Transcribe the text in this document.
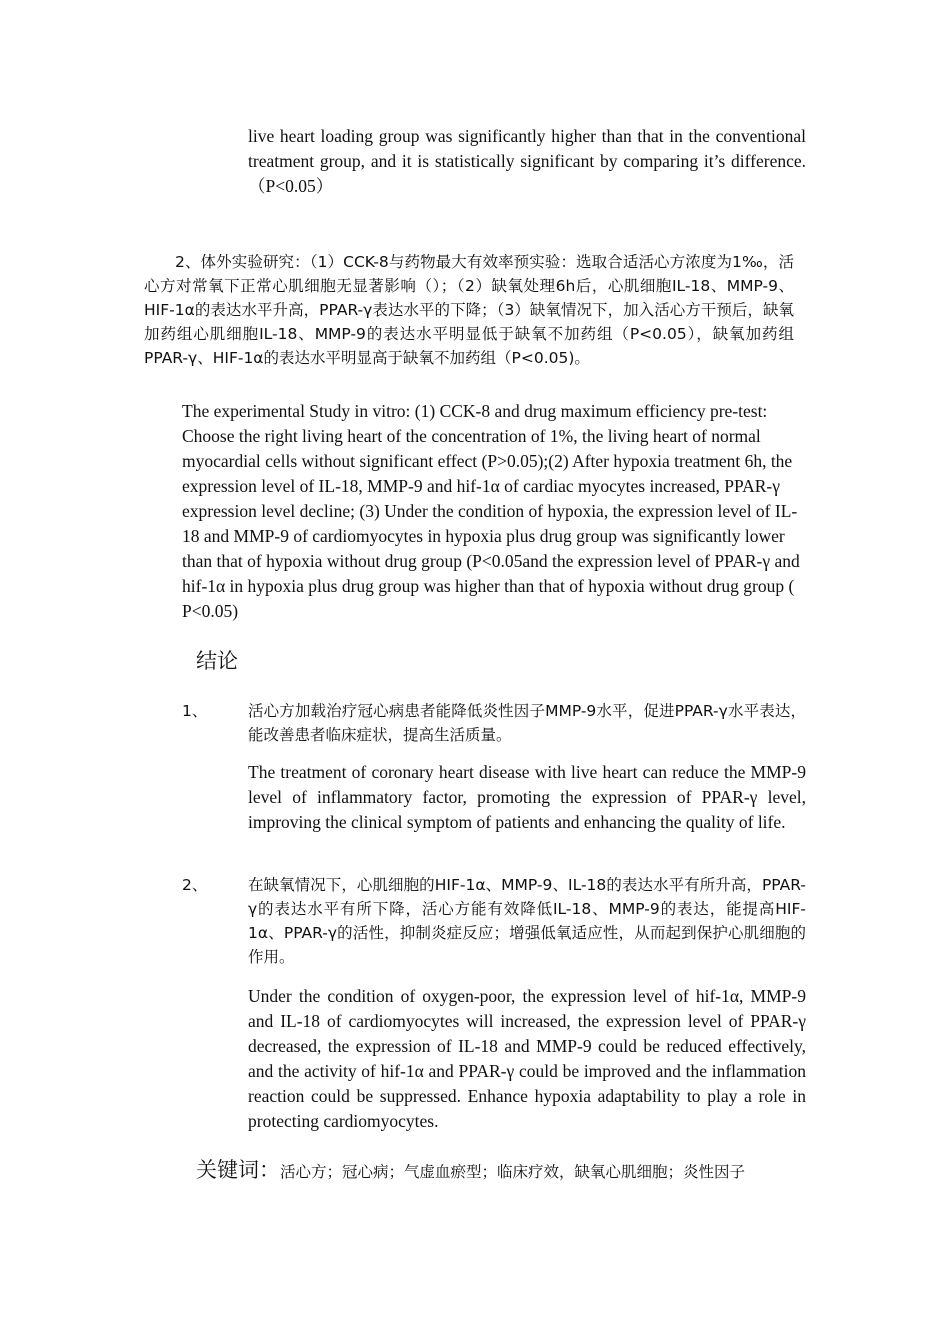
live heart loading group was significantly higher than that in the conventional treatment group, and it is statistically significant by comparing it’s difference. （P<0.05）

2、体外实验研究：（1）CCK-8与药物最大有效率预实验：选取合适活心方浓度为1‰，活心方对常氧下正常心肌细胞无显著影响（）；（2）缺氧处理6h后，心肌细胞IL-18、MMP-9、HIF-1α的表达水平升高，PPAR-γ表达水平的下降；（3）缺氧情况下，加入活心方干预后，缺氧加药组心肌细胞IL-18、MMP-9的表达水平明显低于缺氧不加药组（P<0.05），缺氧加药组PPAR-γ、HIF-1α的表达水平明显高于缺氧不加药组（P<0.05)。

The experimental Study in vitro: (1) CCK-8 and drug maximum efficiency pre-test: Choose the right living heart of the concentration of 1%, the living heart of normal myocardial cells without significant effect (P>0.05);(2) After hypoxia treatment 6h, the expression level of IL-18, MMP-9 and hif-1α of cardiac myocytes increased, PPAR-γ expression level decline; (3) Under the condition of hypoxia, the expression level of IL-18 and MMP-9 of cardiomyocytes in hypoxia plus drug group was significantly lower than that of hypoxia without drug group (P<0.05and the expression level of PPAR-γ and hif-1α in hypoxia plus drug group was higher than that of hypoxia without drug group ( P<0.05)

结论
1、	活心方加载治疗冠心病患者能降低炎性因子MMP-9水平，促进PPAR-γ水平表达，能改善患者临床症状，提高生活质量。

The treatment of coronary heart disease with live heart can reduce the MMP-9 level of inflammatory factor, promoting the expression of PPAR-γ level, improving the clinical symptom of patients and enhancing the quality of life.

2、	在缺氧情况下，心肌细胞的HIF-1α、MMP-9、IL-18的表达水平有所升高，PPAR-γ的表达水平有所下降，活心方能有效降低IL-18、MMP-9的表达，能提高HIF-1α、PPAR-γ的活性，抑制炎症反应；增强低氧适应性，从而起到保护心肌细胞的作用。

Under the condition of oxygen-poor, the expression level of hif-1α, MMP-9 and IL-18 of cardiomyocytes will increased, the expression level of PPAR-γ decreased, the expression of IL-18 and MMP-9 could be reduced effectively, and the activity of hif-1α and PPAR-γ could be improved and the inflammation reaction could be suppressed. Enhance hypoxia adaptability to play a role in protecting cardiomyocytes.

关键词：活心方；冠心病；气虚血瘀型；临床疗效，缺氧心肌细胞；炎性因子
